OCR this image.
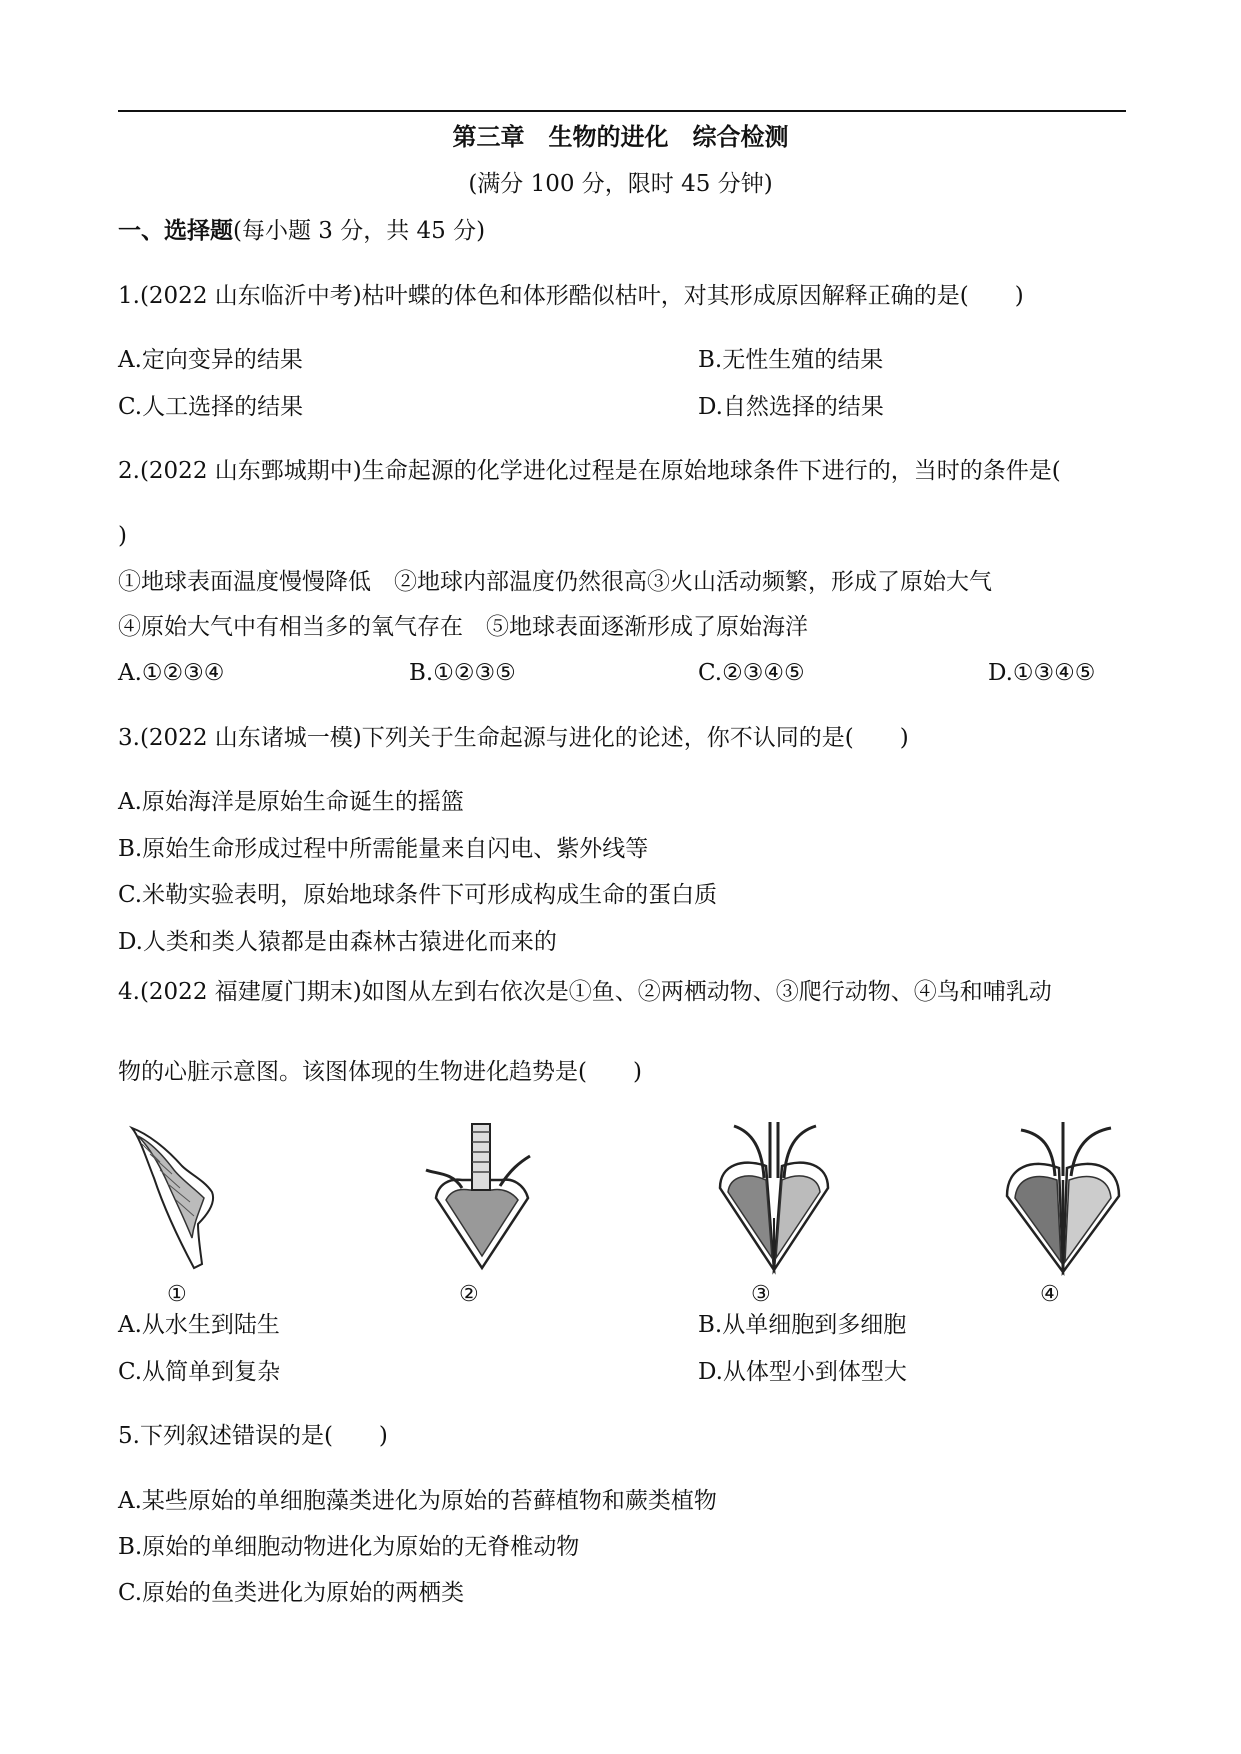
第三章　生物的进化　综合检测
(满分 100 分，限时 45 分钟)
一、选择题(每小题 3 分，共 45 分)
1.(2022 山东临沂中考)枯叶蝶的体色和体形酷似枯叶，对其形成原因解释正确的是(　　)
A.定向变异的结果	B.无性生殖的结果
C.人工选择的结果	D.自然选择的结果
2.(2022 山东鄄城期中)生命起源的化学进化过程是在原始地球条件下进行的，当时的条件是(
)
①地球表面温度慢慢降低　②地球内部温度仍然很高③火山活动频繁，形成了原始大气
④原始大气中有相当多的氧气存在　⑤地球表面逐渐形成了原始海洋
A.①②③④	B.①②③⑤	C.②③④⑤	D.①③④⑤
3.(2022 山东诸城一模)下列关于生命起源与进化的论述，你不认同的是(　　)
A.原始海洋是原始生命诞生的摇篮
B.原始生命形成过程中所需能量来自闪电、紫外线等
C.米勒实验表明，原始地球条件下可形成构成生命的蛋白质
D.人类和类人猿都是由森林古猿进化而来的
4.(2022 福建厦门期末)如图从左到右依次是①鱼、②两栖动物、③爬行动物、④鸟和哺乳动
物的心脏示意图。该图体现的生物进化趋势是(　　)
①	②	③	④
A.从水生到陆生	B.从单细胞到多细胞
C.从简单到复杂	D.从体型小到体型大
5.下列叙述错误的是(　　)
A.某些原始的单细胞藻类进化为原始的苔藓植物和蕨类植物
B.原始的单细胞动物进化为原始的无脊椎动物
C.原始的鱼类进化为原始的两栖类
